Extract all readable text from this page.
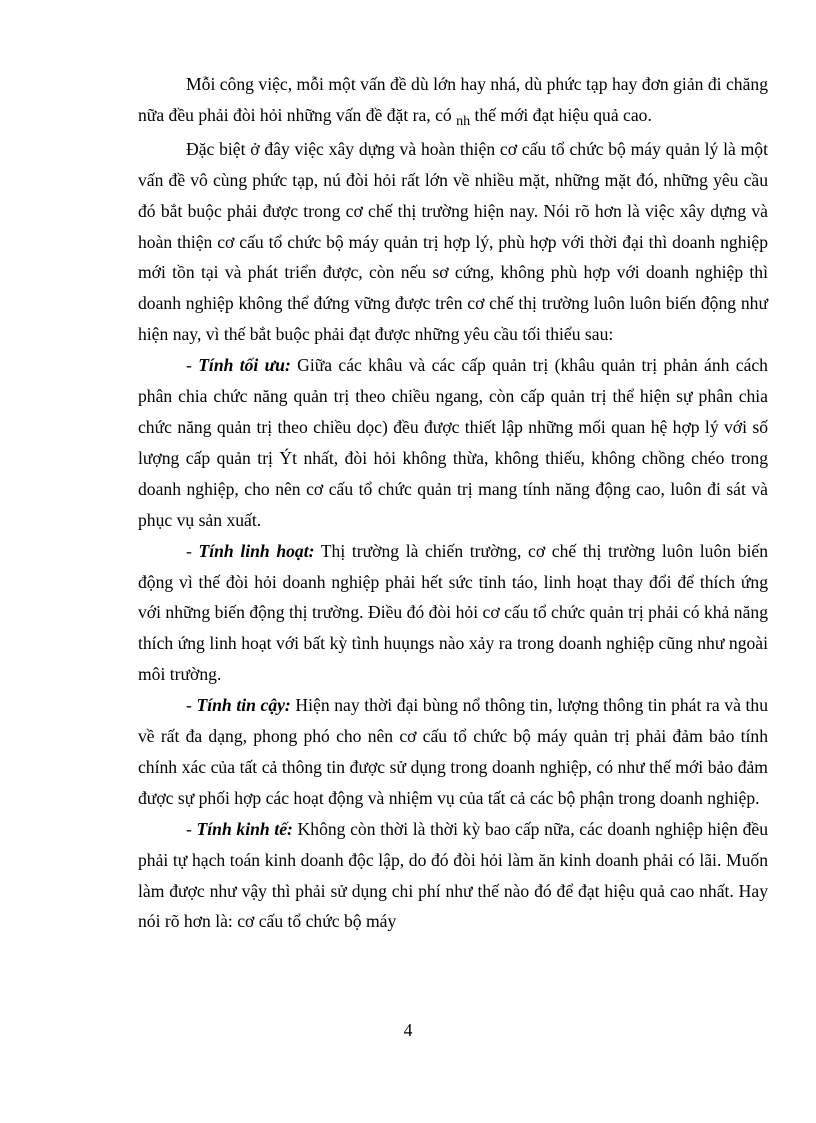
Mỗi công việc, mỗi một vấn đề dù lớn hay nhá, dù phức tạp hay đơn giản đi chăng nữa đều phải đòi hỏi những vấn đề đặt ra, có $_{nh}$ thế mới đạt hiệu quả cao.

Đặc biệt ở đây việc xây dựng và hoàn thiện cơ cấu tổ chức bộ máy quản lý là một vấn đề vô cùng phức tạp, nú đòi hỏi rất lớn về nhiều mặt, những mặt đó, những yêu cầu đó bắt buộc phải được trong cơ chế thị trường hiện nay. Nói rõ hơn là việc xây dựng và hoàn thiện cơ cấu tổ chức bộ máy quản trị hợp lý, phù hợp với thời đại thì doanh nghiệp mới tồn tại và phát triển được, còn nếu sơ cứng, không phù hợp với doanh nghiệp thì doanh nghiệp không thể đứng vững được trên cơ chế thị trường luôn luôn biến động như hiện nay, vì thế bắt buộc phải đạt được những yêu cầu tối thiểu sau:

- Tính tối ưu: Giữa các khâu và các cấp quản trị (khâu quản trị phản ánh cách phân chia chức năng quản trị theo chiều ngang, còn cấp quản trị thể hiện sự phân chia chức năng quản trị theo chiều dọc) đều được thiết lập những mối quan hệ hợp lý với số lượng cấp quản trị Ýt nhất, đòi hỏi không thừa, không thiếu, không chồng chéo trong doanh nghiệp, cho nên cơ cấu tổ chức quản trị mang tính năng động cao, luôn đi sát và phục vụ sản xuất.

- Tính linh hoạt: Thị trường là chiến trường, cơ chế thị trường luôn luôn biến động vì thế đòi hỏi doanh nghiệp phải hết sức tỉnh táo, linh hoạt thay đổi để thích ứng với những biến động thị trường. Điều đó đòi hỏi cơ cấu tổ chức quản trị phải có khả năng thích ứng linh hoạt với bất kỳ tình huụngs nào xảy ra trong doanh nghiệp cũng như ngoài môi trường.

- Tính tin cậy: Hiện nay thời đại bùng nổ thông tin, lượng thông tin phát ra và thu về rất đa dạng, phong phó cho nên cơ cấu tổ chức bộ máy quản trị phải đảm bảo tính chính xác của tất cả thông tin được sử dụng trong doanh nghiệp, có như thế mới bảo đảm được sự phối hợp các hoạt động và nhiệm vụ của tất cả các bộ phận trong doanh nghiệp.

- Tính kinh tế: Không còn thời là thời kỳ bao cấp nữa, các doanh nghiệp hiện đều phải tự hạch toán kinh doanh độc lập, do đó đòi hỏi làm ăn kinh doanh phải có lãi. Muốn làm được như vậy thì phải sử dụng chi phí như thế nào đó để đạt hiệu quả cao nhất. Hay nói rõ hơn là: cơ cấu tổ chức bộ máy

4
